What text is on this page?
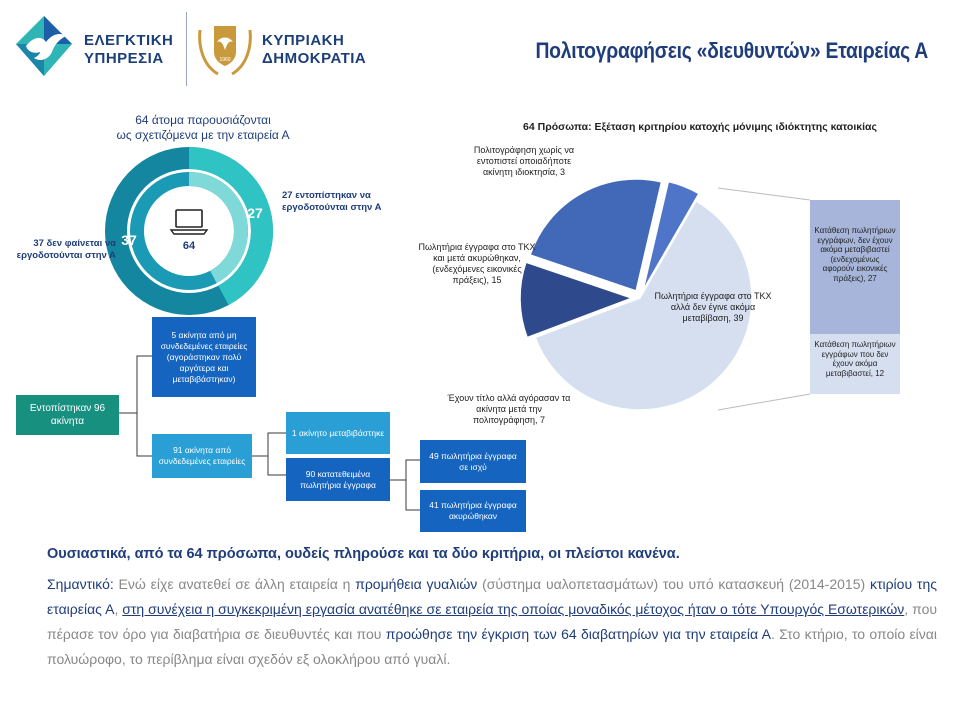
ΕΛΕΓΚΤΙΚΗ
ΥΠΗΡΕΣΙΑ	1960
ΚΥΠΡΙΑΚΗ
ΔΗΜΟΚΡΑΤΙΑ	Πολιτογραφήσεις «διευθυντών» Εταιρείας Α
64 άτομα παρουσιάζονται
ως σχετιζόμενα με την εταιρεία Α
27
37	64
27 εντοπίστηκαν να
εργοδοτούνται στην Α
37 δεν φαίνεται να
εργοδοτούνται στην Α
Εντοπίστηκαν 96 ακίνητα
5 ακίνητα από μη συνδεδεμένες εταιρείες (αγοράστηκαν πολύ αργότερα και μεταβιβάστηκαν)
91 ακίνητα από συνδεδεμένες εταιρείες
1 ακίνητο μεταβιβάστηκε
90 κατατεθειμένα πωλητήρια έγγραφα
49 πωλητήρια έγγραφα σε ισχύ
41 πωλητήρια έγγραφα ακυρώθηκαν
64 Πρόσωπα: Εξέταση κριτηρίου κατοχής μόνιμης ιδιόκτητης κατοικίας
Πολιτογράφηση χωρίς να εντοπιστεί οποιαδήποτε ακίνητη ιδιοκτησία, 3
Πωλητήρια έγγραφα στο ΤΚΧ και μετά ακυρώθηκαν, (ενδεχόμενες εικονικές πράξεις), 15
Πωλητήρια έγγραφα στο ΤΚΧ αλλά δεν έγινε ακόμα μεταβίβαση, 39
Έχουν τίτλο αλλά αγόρασαν τα ακίνητα μετά την πολιτογράφηση, 7
Κατάθεση πωλητήριων εγγράφων, δεν έχουν ακόμα μεταβιβαστεί (ενδεχομένως αφορούν εικονικές πράξεις), 27
Κατάθεση πωλητήριων εγγράφων που δεν έχουν ακόμα μεταβιβαστεί, 12
Ουσιαστικά, από τα 64 πρόσωπα, ουδείς πληρούσε και τα δύο κριτήρια, οι πλείστοι κανένα.
Σημαντικό: Ενώ είχε ανατεθεί σε άλλη εταιρεία η προμήθεια γυαλιών (σύστημα υαλοπετασμάτων) του υπό κατασκευή (2014-2015) κτιρίου της εταιρείας Α, στη συνέχεια η συγκεκριμένη εργασία ανατέθηκε σε εταιρεία της οποίας μοναδικός μέτοχος ήταν ο τότε Υπουργός Εσωτερικών, που πέρασε τον όρο για διαβατήρια σε διευθυντές και που προώθησε την έγκριση των 64 διαβατηρίων για την εταιρεία Α. Στο κτήριο, το οποίο είναι πολυώροφο, το περίβλημα είναι σχεδόν εξ ολοκλήρου από γυαλί.
